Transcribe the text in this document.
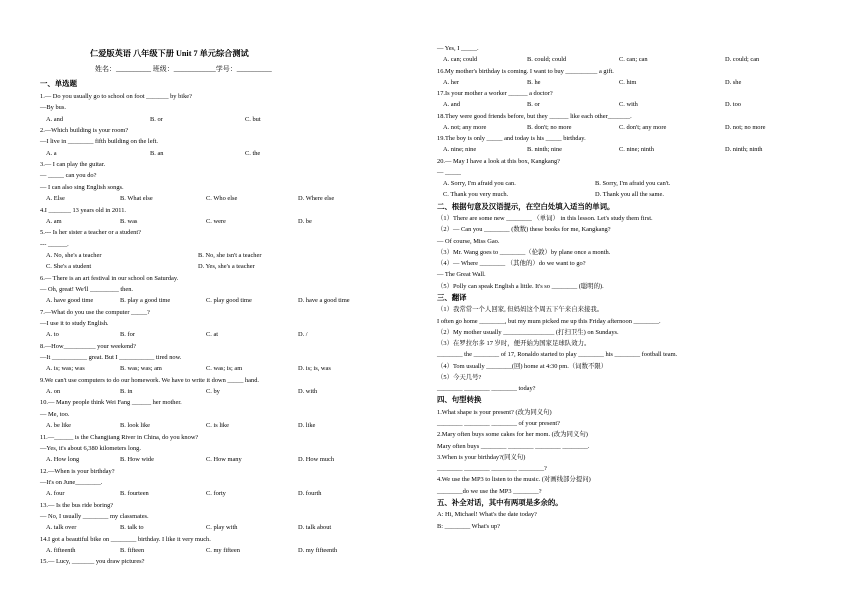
仁爱版英语 八年级下册 Unit 7 单元综合测试
姓名：__________ 班级：____________学号：__________
一、单选题
1.— Do you usually go to school on foot _______ by bike?
—By bus.
A. and	B. or	C. but
2.—Which building is your room?
—I live in ________ fifth building on the left.
A. a	B. an	C. the
3.— I can play the guitar.
— _____ can you do?
— I can also sing English songs.
A. Else	B. What else	C. Who else	D. Where else
4.I _______ 13 years old in 2011.
A. am	B. was	C. were	D. be
5.--- Is her sister a teacher or a student?
--- ______.
A. No, she's a teacher	B. No, she isn't a teacher
C. She's a student	D. Yes, she's a teacher
6.— There is an art festival in our school on Saturday.
— Oh, great! We'll _________ then.
A. have good time	B. play a good time	C. play good time	D. have a good time
7.—What do you use the computer _____?
—I use it to study English.
A. to	B. for	C. at	D. /
8.—How__________ your weekend?
—It ___________ great. But I ___________ tired now.
A. is; was; was	B. was; was; am	C. was; is; am	D. is; is, was
9.We can't use computers to do our homework. We have to write it down _____ hand.
A. on	B. in	C. by	D. with
10.— Many people think Wei Fang ______ her mother.
— Me, too.
A. be like	B. look like	C. is like	D. like
11.—______ is the Changjiang River in China, do you know?
—Yes, it's about 6,380 kilometers long.
A. How long	B. How wide	C. How many	D. How much
12.—When is your birthday?
—It's on June________.
A. four	B. fourteen	C. forty	D. fourth
13.— Is the bus ride boring?
— No, I usually ________ my classmates.
A. talk over	B. talk to	C. play with	D. talk about
14.I got a beautiful bike on ________ birthday. I like it very much.
A. fifteenth	B. fifteen	C. my fifteen	D. my fifteenth
15.— Lucy, _______ you draw pictures?
— Yes, I _____.
A. can; could	B. could; could	C. can; can	D. could; can
16.My mother's birthday is coming. I want to buy __________ a gift.
A. her	B. he	C. him	D. she
17.Is your mother a worker ______ a doctor?
A. and	B. or	C. with	D. too
18.They were good friends before, but they ______ like each other_______.
A. not; any more	B. don't; no more	C. don't; any more	D. not; no more
19.The boy is only _____ and today is his _____ birthday.
A. nine; nine	B. ninth; nine	C. nine; ninth	D. ninth; ninth
20.— May I have a look at this box, Kangkang?
— _____
A. Sorry, I'm afraid you can.	B. Sorry, I'm afraid you can't.
C. Thank you very much.	D. Thank you all the same.
二、根据句意及汉语提示，在空白处填入适当的单词。
（1）There are some new ________ （单词） in this lesson. Let's study them first.
（2）— Can you ________ (数数) these books for me, Kangkang?
— Of course, Miss Gao.
（3）Mr. Wang goes to ________（伦敦）by plane once a month.
（4）— Where ________ （其他的）do we want to go?
— The Great Wall.
（5）Polly can speak English a little. It's so ________ (聪明的).
三、翻译
（1）我常常一个人回家, 但妈妈这个周五下午来自来接我。
I often go home ________, but my mum picked me up this Friday afternoon ________.
（2）My mother usually ________________ (打扫卫生) on Sundays.
（3）在罗拉尔多 17 岁时，便开始为国家足球队效力。
________ the ________ of 17, Ronaldo started to play ________ his ________ football team.
（4）Tom usually ________(回) home at 4:30 pm.（词数不限）
（5）今天几号?
________ ________ ________ today?
四、句型转换
1.What shape is your present? (改为同义句)
________ ________ ________ of your present?
2.Mary often buys some cakes for her mom. (改为同义句)
Mary often buys ________ ________ ________ ________.
3.When is your birthday?(同义句)
________ ________ ________ ________?
4.We use the MP3 to listen to the music. (对画线部分提问)
________do we use the MP3 ________?
五、补全对话，其中有两项是多余的。
A: Hi, Michael! What's the date today?
B: ________ What's up?
